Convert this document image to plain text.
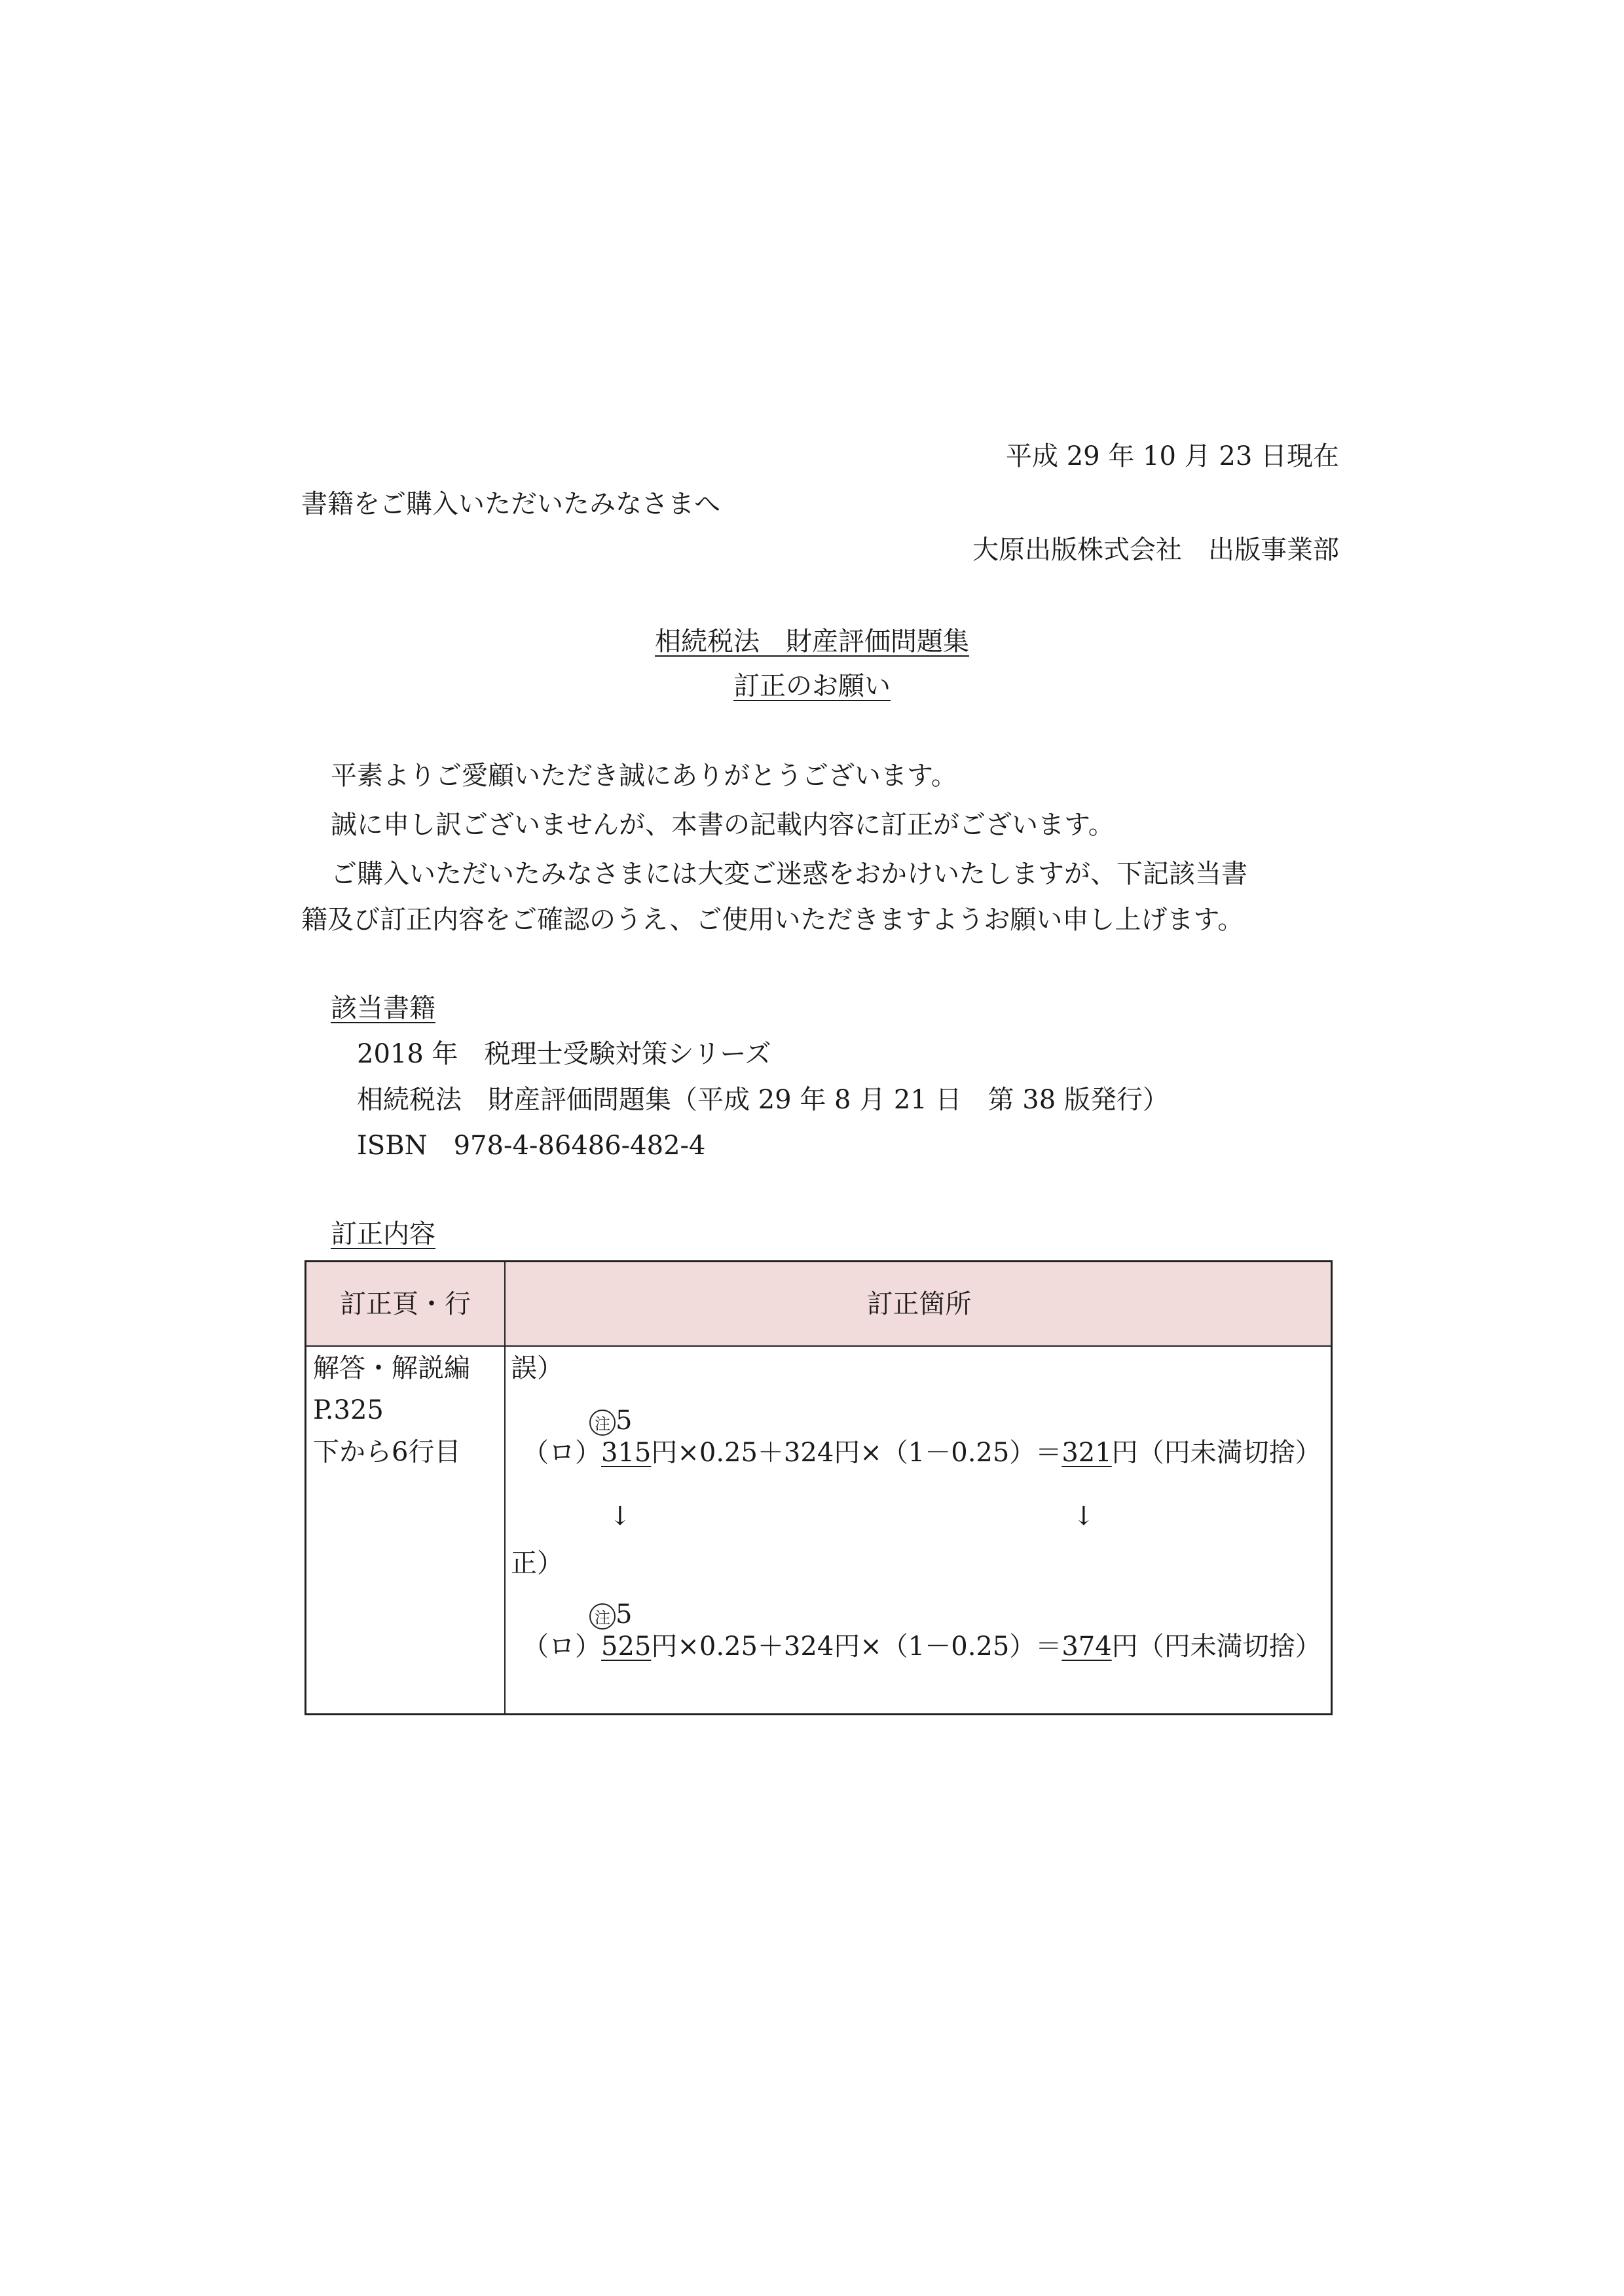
平成 29 年 10 月 23 日現在
書籍をご購入いただいたみなさまへ
大原出版株式会社　出版事業部
相続税法　財産評価問題集
訂正のお願い
平素よりご愛顧いただき誠にありがとうございます。
誠に申し訳ございませんが、本書の記載内容に訂正がございます。
ご購入いただいたみなさまには大変ご迷惑をおかけいたしますが、下記該当書
籍及び訂正内容をご確認のうえ、ご使用いただきますようお願い申し上げます。
該当書籍
2018 年　税理士受験対策シリーズ
相続税法　財産評価問題集（平成 29 年 8 月 21 日　第 38 版発行）
ISBN　978-4-86486-482-4
訂正内容
訂正頁・行	訂正箇所
解答・解説編
P.325
下から6行目
誤）
注 5
（ロ）315円×0.25＋324円×（1－0.25）＝321円（円未満切捨）
↓	↓
正）
注 5
（ロ）525円×0.25＋324円×（1－0.25）＝374円（円未満切捨）
